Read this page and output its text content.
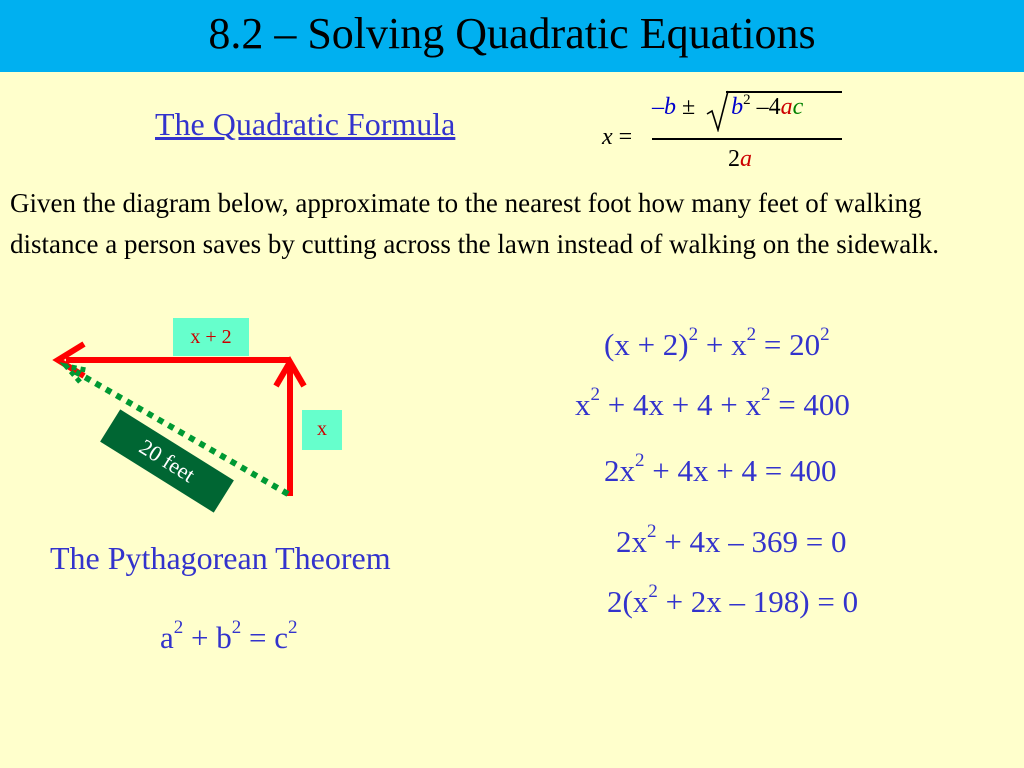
8.2 – Solving Quadratic Equations
The Quadratic Formula	x =
$-b \pm b^2$ –4ac
2a
Given the diagram below, approximate to the nearest foot how many feet of walking distance a person saves by cutting across the lawn instead of walking on the sidewalk.
x + 2
x
20 feet
$(x + 2)^2 + x^2 = 20^2$
$x^2 + 4x + 4 + x^2 = 400$
$2x^2 + 4x + 4 = 400$
$2x^2 + 4x - 369 = 0$
$2(x^2 + 2x - 198) = 0$
The Pythagorean Theorem
$a^2 + b^2 = c^2$
